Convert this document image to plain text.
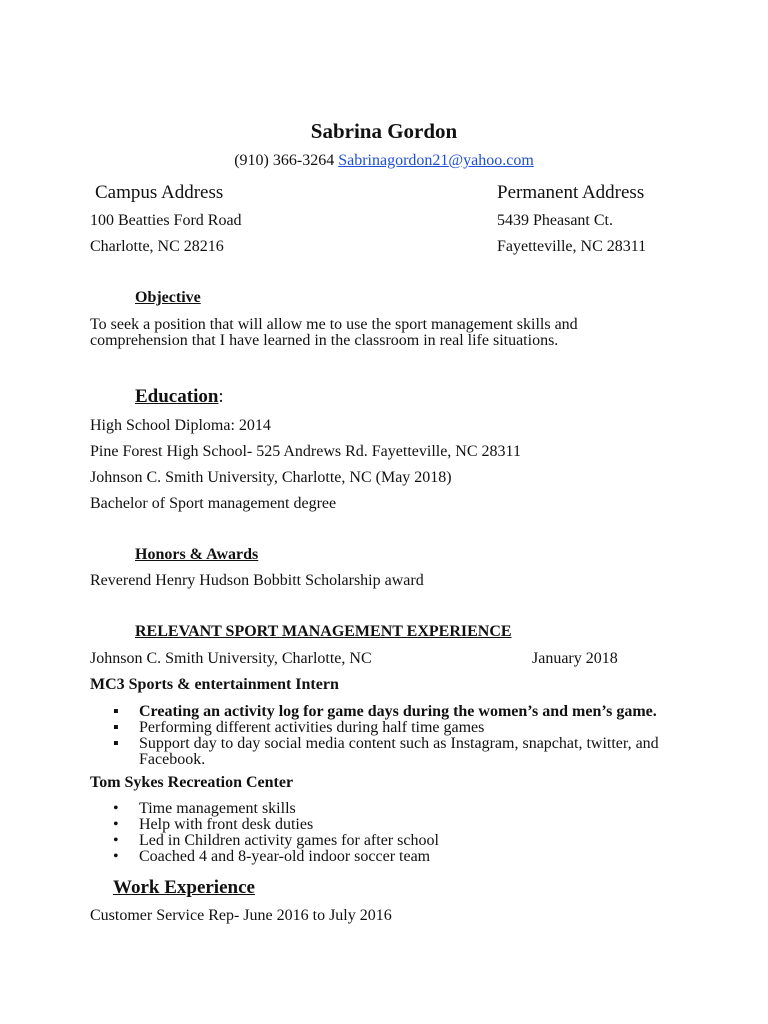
Sabrina Gordon
(910) 366-3264 Sabrinagordon21@yahoo.com
Campus Address
100 Beatties Ford Road
Charlotte, NC 28216
Permanent Address
5439 Pheasant Ct.
Fayetteville, NC 28311
Objective
To seek a position that will allow me to use the sport management skills and comprehension that I have learned in the classroom in real life situations.
Education:
High School Diploma: 2014
Pine Forest High School- 525 Andrews Rd. Fayetteville, NC 28311
Johnson C. Smith University, Charlotte, NC (May 2018)
Bachelor of Sport management degree
Honors & Awards
Reverend Henry Hudson Bobbitt Scholarship award
RELEVANT SPORT MANAGEMENT EXPERIENCE
Johnson C. Smith University, Charlotte, NC	January 2018
MC3 Sports & entertainment Intern
▪ Creating an activity log for game days during the women’s and men’s game.
▪ Performing different activities during half time games
▪ Support day to day social media content such as Instagram, snapchat, twitter, and Facebook.
Tom Sykes Recreation Center
• Time management skills
• Help with front desk duties
• Led in Children activity games for after school
• Coached 4 and 8-year-old indoor soccer team
Work Experience
Customer Service Rep- June 2016 to July 2016
